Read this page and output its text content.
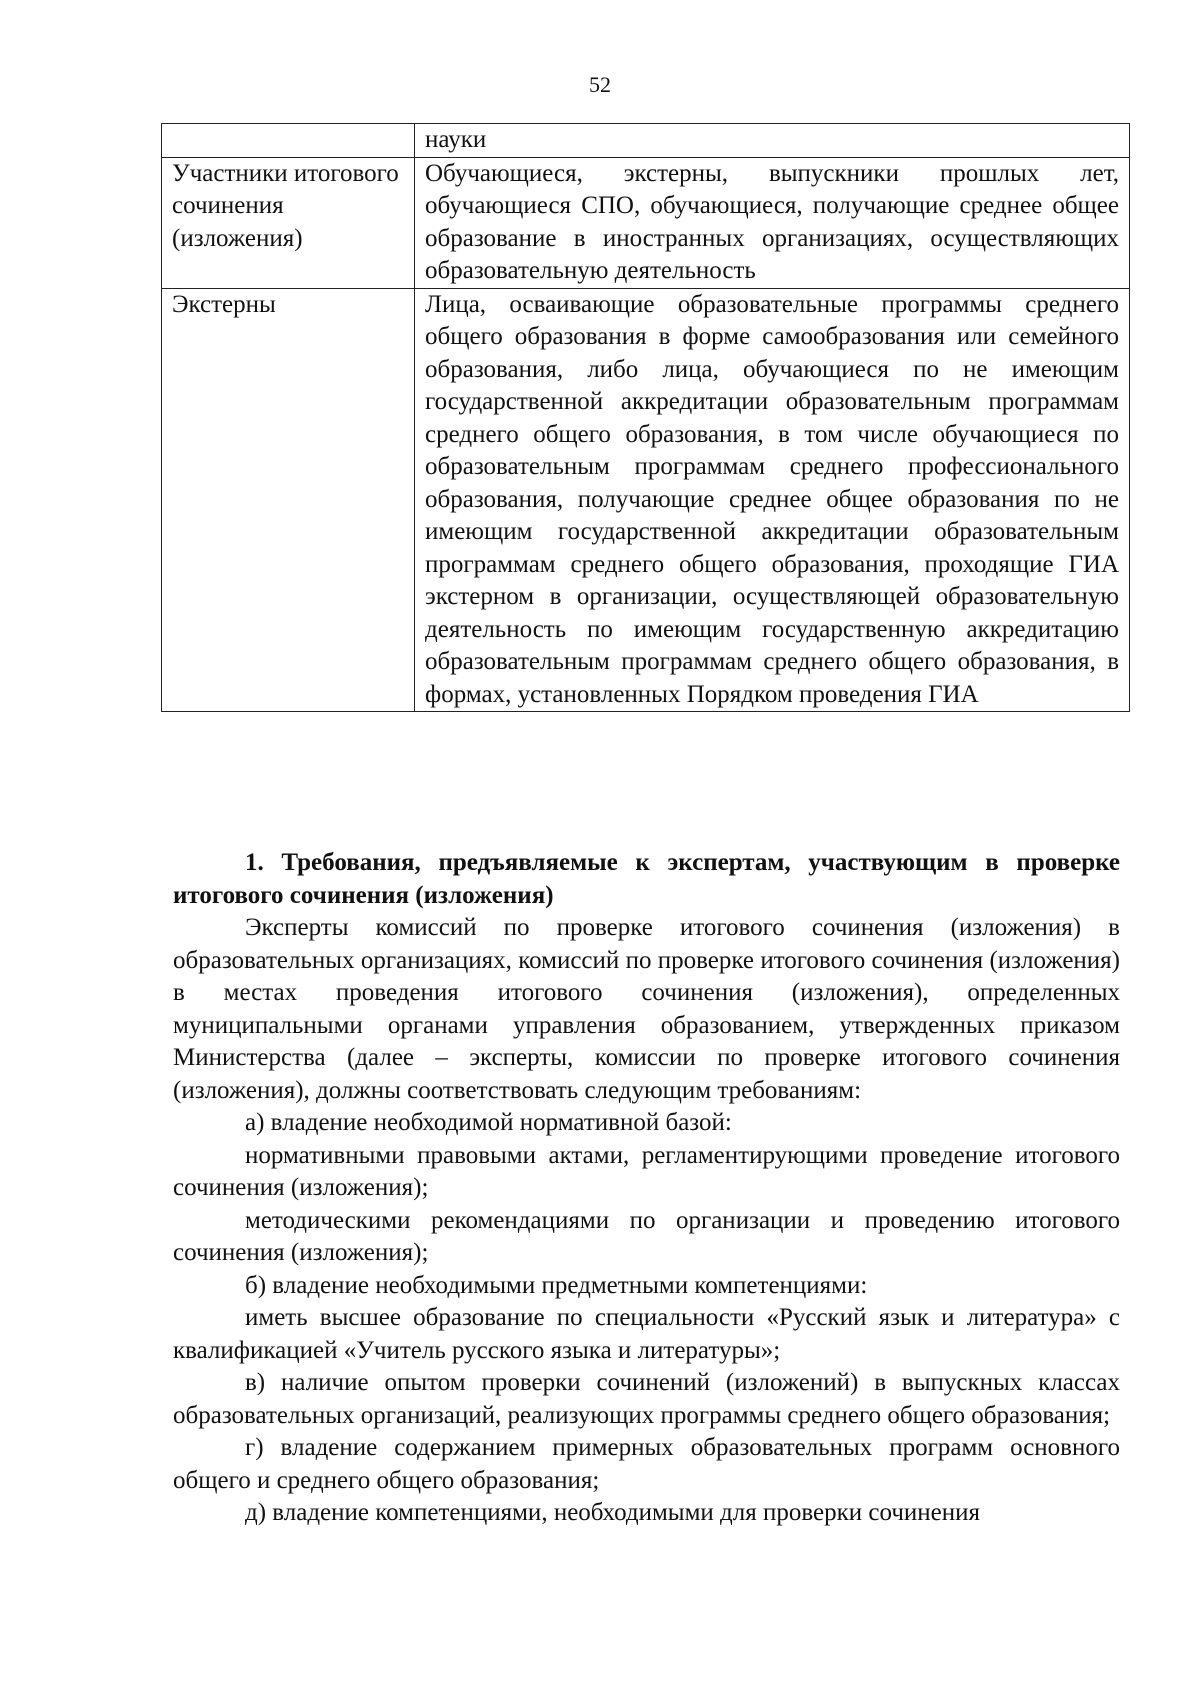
52
	науки
Участники итогового сочинения (изложения)	Обучающиеся, экстерны, выпускники прошлых лет, обучающиеся СПО, обучающиеся, получающие среднее общее образование в иностранных организациях, осуществляющих образовательную деятельность
Экстерны	Лица, осваивающие образовательные программы среднего общего образования в форме самообразования или семейного образования, либо лица, обучающиеся по не имеющим государственной аккредитации образовательным программам среднего общего образования, в том числе обучающиеся по образовательным программам среднего профессионального образования, получающие среднее общее образования по не имеющим государственной аккредитации образовательным программам среднего общего образования, проходящие ГИА экстерном в организации, осуществляющей образовательную деятельность по имеющим государственную аккредитацию образовательным программам среднего общего образования, в формах, установленных Порядком проведения ГИА

1. Требования, предъявляемые к экспертам, участвующим в проверке итогового сочинения (изложения)

Эксперты комиссий по проверке итогового сочинения (изложения) в образовательных организациях, комиссий по проверке итогового сочинения (изложения) в местах проведения итогового сочинения (изложения), определенных муниципальными органами управления образованием, утвержденных приказом Министерства (далее – эксперты, комиссии по проверке итогового сочинения (изложения), должны соответствовать следующим требованиям:

а) владение необходимой нормативной базой:

нормативными правовыми актами, регламентирующими проведение итогового сочинения (изложения);

методическими рекомендациями по организации и проведению итогового сочинения (изложения);

б) владение необходимыми предметными компетенциями:

иметь высшее образование по специальности «Русский язык и литература» с квалификацией «Учитель русского языка и литературы»;

в) наличие опытом проверки сочинений (изложений) в выпускных классах образовательных организаций, реализующих программы среднего общего образования;

г) владение содержанием примерных образовательных программ основного общего и среднего общего образования;

д) владение компетенциями, необходимыми для проверки сочинения
